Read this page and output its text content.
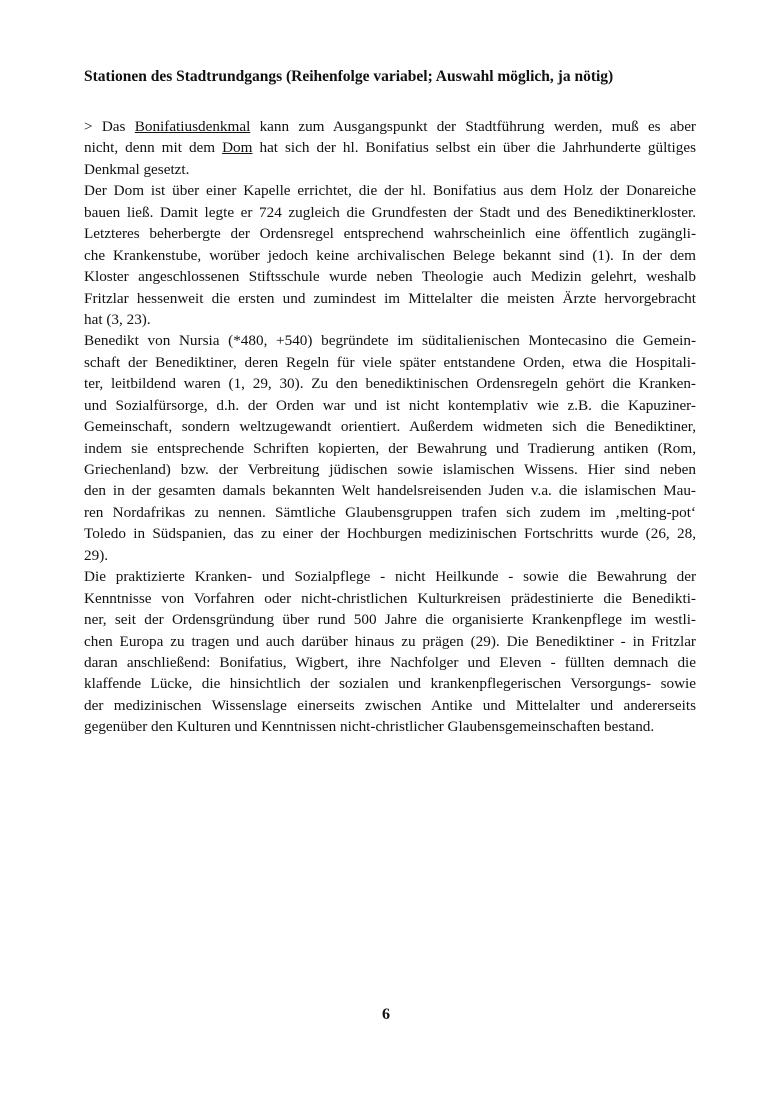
Stationen des Stadtrundgangs (Reihenfolge variabel; Auswahl möglich, ja nötig)
> Das Bonifatiusdenkmal kann zum Ausgangspunkt der Stadtführung werden, muß es aber
nicht, denn mit dem Dom hat sich der hl. Bonifatius selbst ein über die Jahrhunderte gültiges
Denkmal gesetzt.
Der Dom ist über einer Kapelle errichtet, die der hl. Bonifatius aus dem Holz der Donareiche
bauen ließ. Damit legte er 724 zugleich die Grundfesten der Stadt und des Benediktinerkloster.
Letzteres beherbergte der Ordensregel entsprechend wahrscheinlich eine öffentlich zugängli-
che Krankenstube, worüber jedoch keine archivalischen Belege bekannt sind (1). In der dem
Kloster angeschlossenen Stiftsschule wurde neben Theologie auch Medizin gelehrt, weshalb
Fritzlar hessenweit die ersten und zumindest im Mittelalter die meisten Ärzte hervorgebracht
hat (3, 23).
Benedikt von Nursia (*480, +540) begründete im süditalienischen Montecasino die Gemein-
schaft der Benediktiner, deren Regeln für viele später entstandene Orden, etwa die Hospitali-
ter, leitbildend waren (1, 29, 30). Zu den benediktinischen Ordensregeln gehört die Kranken-
und Sozialfürsorge, d.h. der Orden war und ist nicht kontemplativ wie z.B. die Kapuziner-
Gemeinschaft, sondern weltzugewandt orientiert. Außerdem widmeten sich die Benediktiner,
indem sie entsprechende Schriften kopierten, der Bewahrung und Tradierung antiken (Rom,
Griechenland) bzw. der Verbreitung jüdischen sowie islamischen Wissens. Hier sind neben
den in der gesamten damals bekannten Welt handelsreisenden Juden v.a. die islamischen Mau-
ren Nordafrikas zu nennen. Sämtliche Glaubensgruppen trafen sich zudem im ‚melting-pot‘
Toledo in Südspanien, das zu einer der Hochburgen medizinischen Fortschritts wurde (26, 28,
29).
Die praktizierte Kranken- und Sozialpflege - nicht Heilkunde - sowie die Bewahrung der
Kenntnisse von Vorfahren oder nicht-christlichen Kulturkreisen prädestinierte die Benedikti-
ner, seit der Ordensgründung über rund 500 Jahre die organisierte Krankenpflege im westli-
chen Europa zu tragen und auch darüber hinaus zu prägen (29). Die Benediktiner - in Fritzlar
daran anschließend: Bonifatius, Wigbert, ihre Nachfolger und Eleven - füllten demnach die
klaffende Lücke, die hinsichtlich der sozialen und krankenpflegerischen Versorgungs- sowie
der medizinischen Wissenslage einerseits zwischen Antike und Mittelalter und andererseits
gegenüber den Kulturen und Kenntnissen nicht-christlicher Glaubensgemeinschaften bestand.
6
